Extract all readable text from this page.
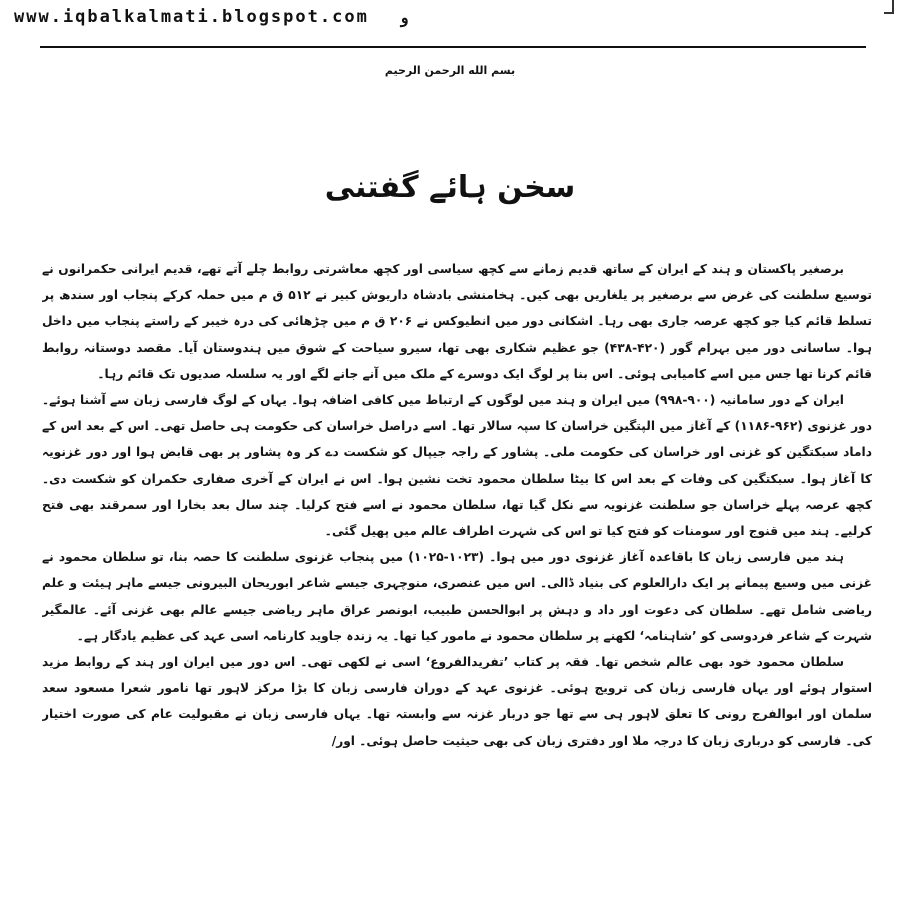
www.iqbalkalmati.blogspot.com و
بسم الله الرحمن الرحیم
سخن ہائے گفتنی

برصغیر پاکستان و ہند کے ایران کے ساتھ قدیم زمانے سے کچھ سیاسی اور کچھ معاشرتی روابط چلے آتے تھے، قدیم ایرانی حکمرانوں نے توسیع سلطنت کی غرض سے برصغیر پر یلغاریں بھی کیں۔ ہخامنشی بادشاہ داریوش کبیر نے ۵۱۲ ق م میں حملہ کرکے پنجاب اور سندھ پر تسلط قائم کیا جو کچھ عرصہ جاری بھی رہا۔ اشکانی دور میں انطیوکس نے ۲۰۶ ق م میں چڑھائی کی درہ خیبر کے راستے پنجاب میں داخل ہوا۔ ساسانی دور میں بہرام گور (۴۲۰-۴۳۸) جو عظیم شکاری بھی تھا، سیرو سیاحت کے شوق میں ہندوستان آیا۔ مقصد دوستانہ روابط قائم کرنا تھا جس میں اسے کامیابی ہوئی۔ اس بنا پر لوگ ایک دوسرے کے ملک میں آنے جانے لگے اور یہ سلسلہ صدیوں تک قائم رہا۔

ایران کے دور سامانیہ (۹۰۰-۹۹۸) میں ایران و ہند میں لوگوں کے ارتباط میں کافی اضافہ ہوا۔ یہاں کے لوگ فارسی زبان سے آشنا ہوئے۔ دور غزنوی (۹۶۲-۱۱۸۶) کے آغاز میں الپتگین خراسان کا سپہ سالار تھا۔ اسے دراصل خراسان کی حکومت ہی حاصل تھی۔ اس کے بعد اس کے داماد سبکتگین کو غزنی اور خراسان کی حکومت ملی۔ پشاور کے راجہ جیپال کو شکست دے کر وہ پشاور پر بھی قابض ہوا اور دور غزنویہ کا آغاز ہوا۔ سبکتگین کی وفات کے بعد اس کا بیٹا سلطان محمود تخت نشین ہوا۔ اس نے ایران کے آخری صفاری حکمران کو شکست دی۔ کچھ عرصہ پہلے خراسان جو سلطنت غزنویہ سے نکل گیا تھا، سلطان محمود نے اسے فتح کرلیا۔ چند سال بعد بخارا اور سمرقند بھی فتح کرلیے۔ ہند میں قنوج اور سومنات کو فتح کیا تو اس کی شہرت اطراف عالم میں پھیل گئی۔

ہند میں فارسی زبان کا باقاعدہ آغاز غزنوی دور میں ہوا۔ (۱۰۲۳-۱۰۲۵) میں پنجاب غزنوی سلطنت کا حصہ بنا، تو سلطان محمود نے غزنی میں وسیع پیمانے پر ایک دارالعلوم کی بنیاد ڈالی۔ اس میں عنصری، منوچہری جیسے شاعر ابوریحان البیرونی جیسے ماہر ہیئت و علم ریاضی شامل تھے۔ سلطان کی دعوت اور داد و دہش پر ابوالحسن طبیب، ابونصر عراق ماہر ریاضی جیسے عالم بھی غزنی آئے۔ عالمگیر شہرت کے شاعر فردوسی کو ’شاہنامہ‘ لکھنے پر سلطان محمود نے مامور کیا تھا۔ یہ زندہ جاوید کارنامہ اسی عہد کی عظیم یادگار ہے۔

سلطان محمود خود بھی عالم شخص تھا۔ فقہ پر کتاب ’تفریدالفروع‘ اسی نے لکھی تھی۔ اس دور میں ایران اور ہند کے روابط مزید استوار ہوئے اور یہاں فارسی زبان کی ترویج ہوئی۔ غزنوی عہد کے دوران فارسی زبان کا بڑا مرکز لاہور تھا نامور شعرا مسعود سعد سلمان اور ابوالفرج رونی کا تعلق لاہور ہی سے تھا جو دربار غزنہ سے وابستہ تھا۔ یہاں فارسی زبان نے مقبولیت عام کی صورت اختیار کی۔ فارسی کو درباری زبان کا درجہ ملا اور دفتری زبان کی بھی حیثیت حاصل ہوئی۔ اور/
